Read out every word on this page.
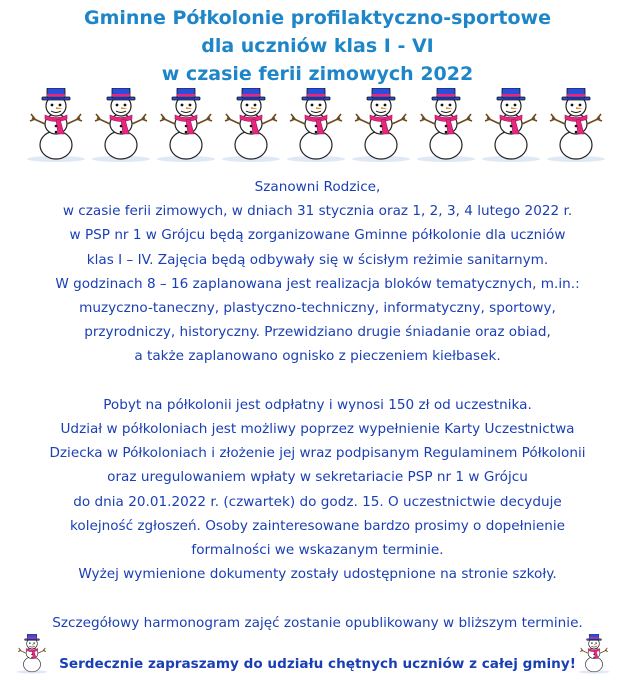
Gminne Półkolonie profilaktyczno-sportowe
dla uczniów klas I - VI
w czasie ferii zimowych 2022

Szanowni Rodzice,

w czasie ferii zimowych, w dniach 31 stycznia oraz 1, 2, 3, 4 lutego 2022 r.

w PSP nr 1 w Grójcu będą zorganizowane Gminne półkolonie dla uczniów

klas I – IV. Zajęcia będą odbywały się w ścisłym reżimie sanitarnym.

W godzinach 8 – 16 zaplanowana jest realizacja bloków tematycznych, m.in.:

muzyczno-taneczny, plastyczno-techniczny, informatyczny, sportowy,

przyrodniczy, historyczny. Przewidziano drugie śniadanie oraz obiad,

a także zaplanowano ognisko z pieczeniem kiełbasek.

Pobyt na półkolonii jest odpłatny i wynosi 150 zł od uczestnika.

Udział w półkoloniach jest możliwy poprzez wypełnienie Karty Uczestnictwa

Dziecka w Półkoloniach i złożenie jej wraz podpisanym Regulaminem Półkolonii

oraz uregulowaniem wpłaty w sekretariacie PSP nr 1 w Grójcu

do dnia 20.01.2022 r. (czwartek) do godz. 15. O uczestnictwie decyduje

kolejność zgłoszeń. Osoby zainteresowane bardzo prosimy o dopełnienie

formalności we wskazanym terminie.

Wyżej wymienione dokumenty zostały udostępnione na stronie szkoły.

Szczegółowy harmonogram zajęć zostanie opublikowany w bliższym terminie.

Serdecznie zapraszamy do udziału chętnych uczniów z całej gminy!
